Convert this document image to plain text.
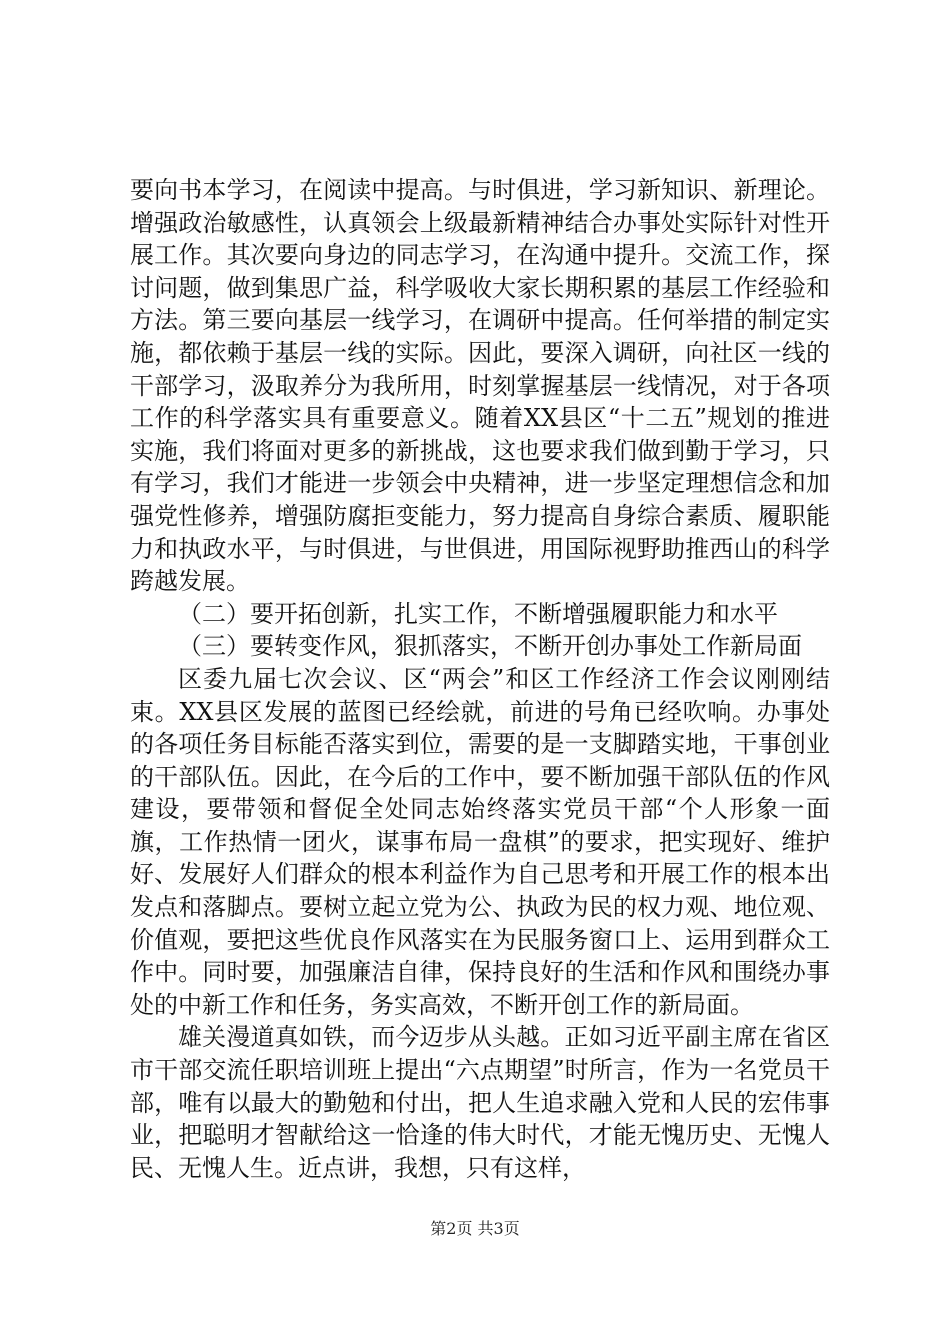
要向书本学习，在阅读中提高。与时俱进，学习新知识、新理论。增强政治敏感性，认真领会上级最新精神结合办事处实际针对性开展工作。其次要向身边的同志学习，在沟通中提升。交流工作，探讨问题，做到集思广益，科学吸收大家长期积累的基层工作经验和方法。第三要向基层一线学习，在调研中提高。任何举措的制定实施，都依赖于基层一线的实际。因此，要深入调研，向社区一线的干部学习，汲取养分为我所用，时刻掌握基层一线情况，对于各项工作的科学落实具有重要意义。随着XX县区“十二五”规划的推进实施，我们将面对更多的新挑战，这也要求我们做到勤于学习，只有学习，我们才能进一步领会中央精神，进一步坚定理想信念和加强党性修养，增强防腐拒变能力，努力提高自身综合素质、履职能力和执政水平，与时俱进，与世俱进，用国际视野助推西山的科学跨越发展。

（二）要开拓创新，扎实工作，不断增强履职能力和水平

（三）要转变作风，狠抓落实，不断开创办事处工作新局面

区委九届七次会议、区“两会”和区工作经济工作会议刚刚结束。XX县区发展的蓝图已经绘就，前进的号角已经吹响。办事处的各项任务目标能否落实到位，需要的是一支脚踏实地，干事创业的干部队伍。因此，在今后的工作中，要不断加强干部队伍的作风建设，要带领和督促全处同志始终落实党员干部“个人形象一面旗，工作热情一团火，谋事布局一盘棋”的要求，把实现好、维护好、发展好人们群众的根本利益作为自己思考和开展工作的根本出发点和落脚点。要树立起立党为公、执政为民的权力观、地位观、价值观，要把这些优良作风落实在为民服务窗口上、运用到群众工作中。同时要，加强廉洁自律，保持良好的生活和作风和围绕办事处的中新工作和任务，务实高效，不断开创工作的新局面。

雄关漫道真如铁，而今迈步从头越。正如习近平副主席在省区市干部交流任职培训班上提出“六点期望”时所言，作为一名党员干部，唯有以最大的勤勉和付出，把人生追求融入党和人民的宏伟事业，把聪明才智献给这一恰逢的伟大时代，才能无愧历史、无愧人民、无愧人生。近点讲，我想，只有这样，

第2页 共3页
